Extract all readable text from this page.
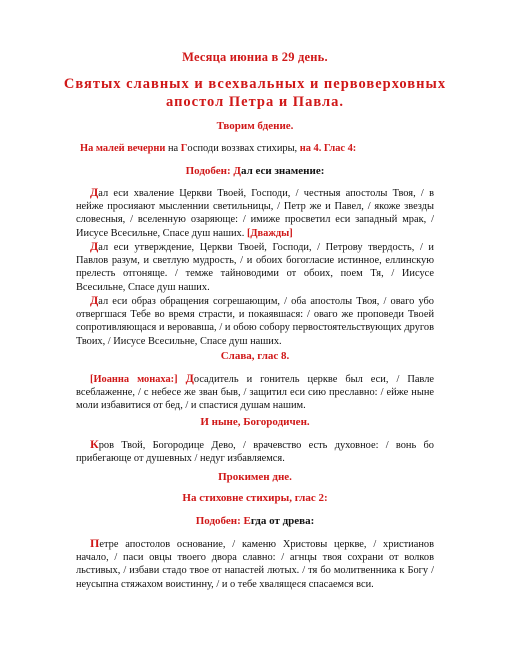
Месяца июниа в 29 день.

Святых славных и всехвальных и первоверховных апостол Петра и Павла.

Творим бдение.

На малей вечерни на Господи воззвах стихиры, на 4. Глас 4:

Подобен: Дал еси знамение:

Дал еси хваление Церкви Твоей, Господи, / честныя апостолы Твоя, / в нейже просияают мысленнии светильницы, / Петр же и Павел, / якоже звезды словесныя, / вселенную озаряюще: / имиже просветил еси западный мрак, / Иисусе Всесильне, Спасе душ наших. [Дважды]

Дал еси утверждение, Церкви Твоей, Господи, / Петрову твердость, / и Павлов разум, и светлую мудрость, / и обоих богогласие истинное, еллинскую прелесть отгоняще. / темже тайноводими от обоих, поем Тя, / Иисусе Всесильне, Спасе душ наших.

Дал еси образ обращения согрешающим, / оба апостолы Твоя, / оваго убо отвергшася Тебе во время страсти, и покаявшася: / оваго же проповеди Твоей сопротивляющася и веровавша, / и обою собору первостоятельствующих другов Твоих, / Иисусе Всесильне, Спасе душ наших.

Слава, глас 8.

[Иоанна монаха:] Досадитель и гонитель церкве был еси, / Павле всеблаженне, / с небесе же зван быв, / защитил еси сию преславно: / ейже ныне моли избавитися от бед, / и спастися душам нашим.

И ныне, Богородичен.

Кров Твой, Богородице Дево, / врачевство есть духовное: / вонь бо прибегающе от душевных / недуг избавляемся.

Прокимен дне.

На стиховне стихиры, глас 2:

Подобен: Егда от древа:

Петре апостолов основание, / каменю Христовы церкве, / христианов начало, / паси овцы твоего двора славно: / агнцы твоя сохрани от волков льстивых, / избави стадо твое от напастей лютых. / тя бо молитвенника к Богу / неусыпна стяжахом воистинну, / и о тебе хвалящеся спасаемся вси.
